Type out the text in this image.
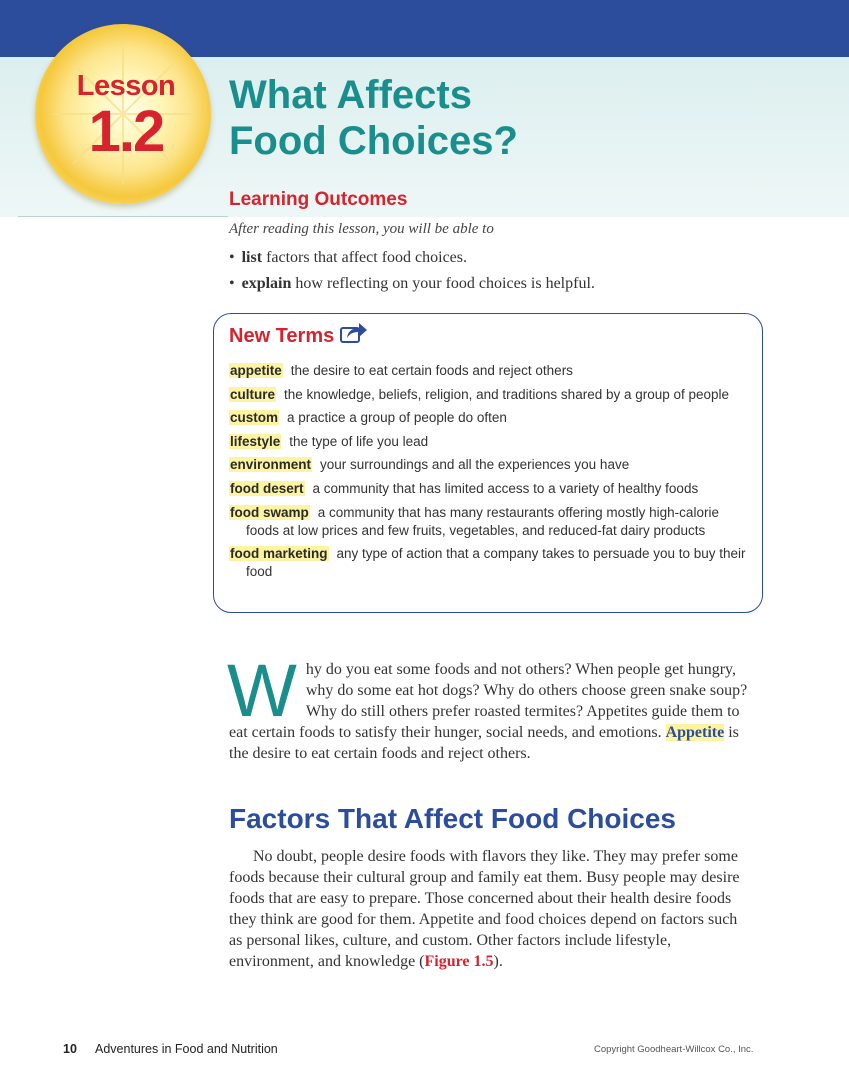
Lesson
1.2
What Affects
Food Choices?
Learning Outcomes
After reading this lesson, you will be able to
• list factors that affect food choices.
• explain how reflecting on your food choices is helpful.
New Terms
appetite the desire to eat certain foods and reject others
culture the knowledge, beliefs, religion, and traditions shared by a group of people
custom a practice a group of people do often
lifestyle the type of life you lead
environment your surroundings and all the experiences you have
food desert a community that has limited access to a variety of healthy foods
food swamp a community that has many restaurants offering mostly high-calorie foods at low prices and few fruits, vegetables, and reduced-fat dairy products
food marketing any type of action that a company takes to persuade you to buy their food

Why do you eat some foods and not others? When people get hungry, why do some eat hot dogs? Why do others choose green snake soup? Why do still others prefer roasted termites? Appetites guide them to eat certain foods to satisfy their hunger, social needs, and emotions. Appetite is the desire to eat certain foods and reject others.

Factors That Affect Food Choices

No doubt, people desire foods with flavors they like. They may prefer some foods because their cultural group and family eat them. Busy people may desire foods that are easy to prepare. Those concerned about their health desire foods they think are good for them. Appetite and food choices depend on factors such as personal likes, culture, and custom. Other factors include lifestyle, environment, and knowledge (Figure 1.5).

10 Adventures in Food and Nutrition	Copyright Goodheart-Willcox Co., Inc.
